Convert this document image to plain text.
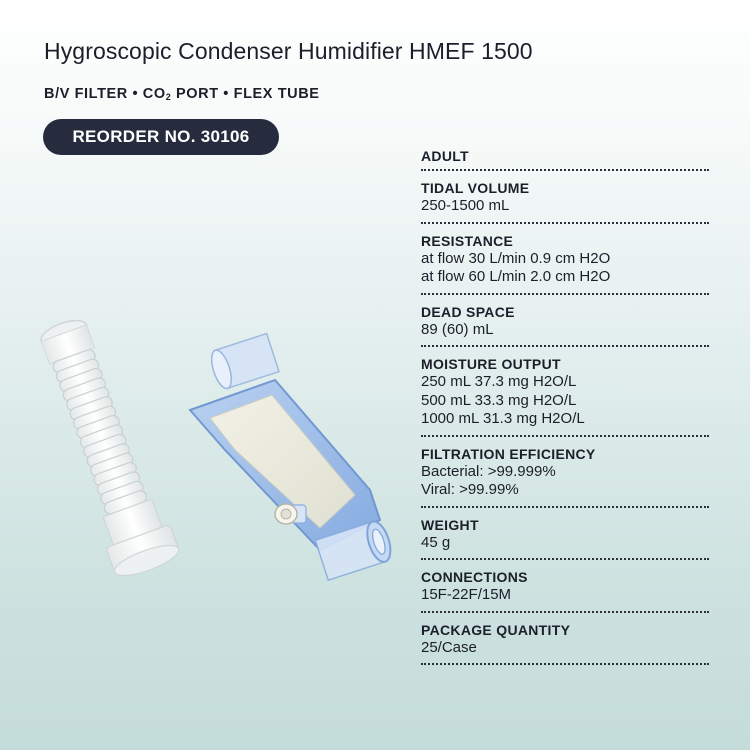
Hygroscopic Condenser Humidifier HMEF 1500
B/V FILTER • $CO_2$ PORT • FLEX TUBE
REORDER NO. 30106
ADULT
TIDAL VOLUME
250-1500 mL
RESISTANCE
at flow 30 L/min 0.9 cm H2O
at flow 60 L/min 2.0 cm H2O
DEAD SPACE
89 (60) mL
MOISTURE OUTPUT
250 mL 37.3 mg H2O/L
500 mL 33.3 mg H2O/L
1000 mL 31.3 mg H2O/L
FILTRATION EFFICIENCY
Bacterial: >99.999%
Viral: >99.99%
WEIGHT
45 g
CONNECTIONS
15F-22F/15M
PACKAGE QUANTITY
25/Case
